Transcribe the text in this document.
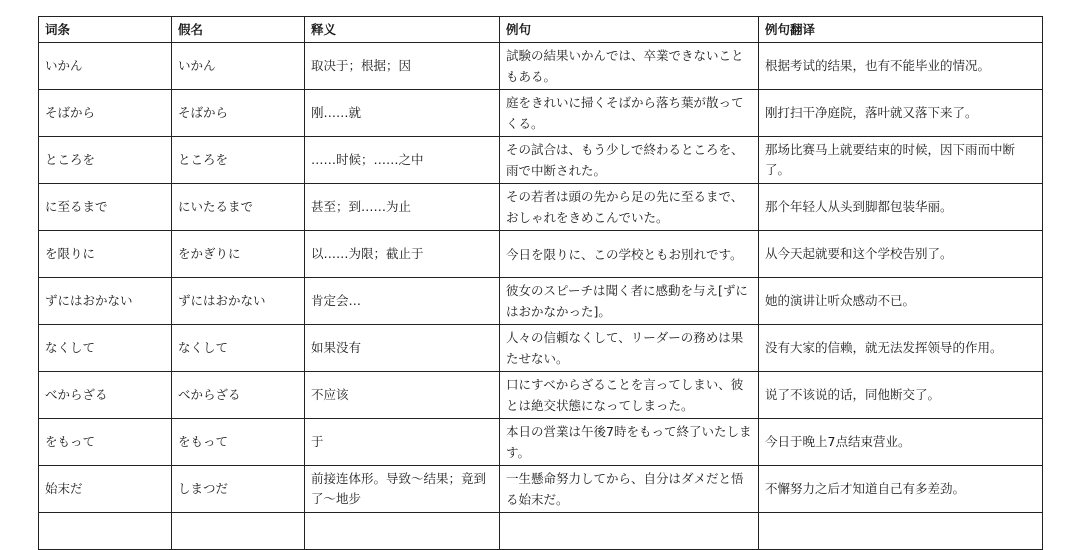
词条	假名	释义	例句	例句翻译
いかん	いかん	取决于；根据；因	試験の結果いかんでは、卒業できないこともある。	根据考试的结果，也有不能毕业的情况。
そばから	そばから	刚……就	庭をきれいに掃くそばから落ち葉が散ってくる。	刚打扫干净庭院，落叶就又落下来了。
ところを	ところを	……时候；……之中	その試合は、もう少しで終わるところを、雨で中断された。	那场比赛马上就要结束的时候，因下雨而中断了。
に至るまで	にいたるまで	甚至；到……为止	その若者は頭の先から足の先に至るまで、おしゃれをきめこんでいた。	那个年轻人从头到脚都包装华丽。
を限りに	をかぎりに	以……为限；截止于	今日を限りに、この学校ともお別れです。	从今天起就要和这个学校告别了。
ずにはおかない	ずにはおかない	肯定会…	彼女のスピーチは聞く者に感動を与え[ずにはおかなかった]。	她的演讲让听众感动不已。
なくして	なくして	如果没有	人々の信頼なくして、リーダーの務めは果たせない。	没有大家的信赖，就无法发挥领导的作用。
べからざる	べからざる	不应该	口にすべからざることを言ってしまい、彼とは絶交状態になってしまった。	说了不该说的话，同他断交了。
をもって	をもって	于	本日の営業は午後7時をもって終了いたします。	今日于晚上7点结束营业。
始末だ	しまつだ	前接连体形。导致～结果；竟到了～地步	一生懸命努力してから、自分はダメだと悟る始末だ。	不懈努力之后才知道自己有多差劲。
